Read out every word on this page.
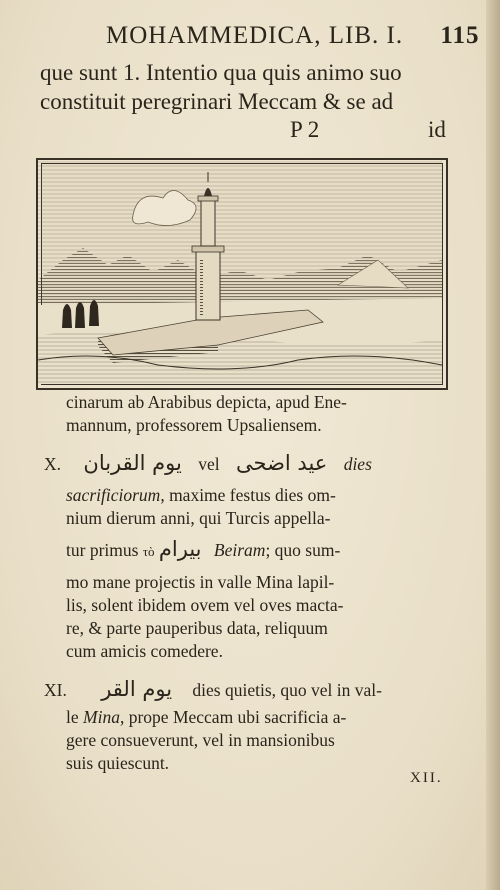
MOHAMMEDICA, LIB. I. 115
que sunt 1. Intentio qua quis animo suo
constituit peregrinari Meccam & se ad
P 2	id
cinarum ab Arabibus depicta, apud Ene-
mannum, professorem Upsaliensem.
X. يوم القربان vel عيد اضحى dies
sacrificiorum, maxime festus dies om-
nium dierum anni, qui Turcis appella-
tur primus τὸ بيرام Beiram; quo sum-
mo mane projectis in valle Mina lapil-
lis, solent ibidem ovem vel oves macta-
re, & parte pauperibus data, reliquum
cum amicis comedere.
XI. يوم القر dies quietis, quo vel in val-
le Mina, prope Meccam ubi sacrificia a-
gere consueverunt, vel in mansionibus
suis quiescunt.
XII.
